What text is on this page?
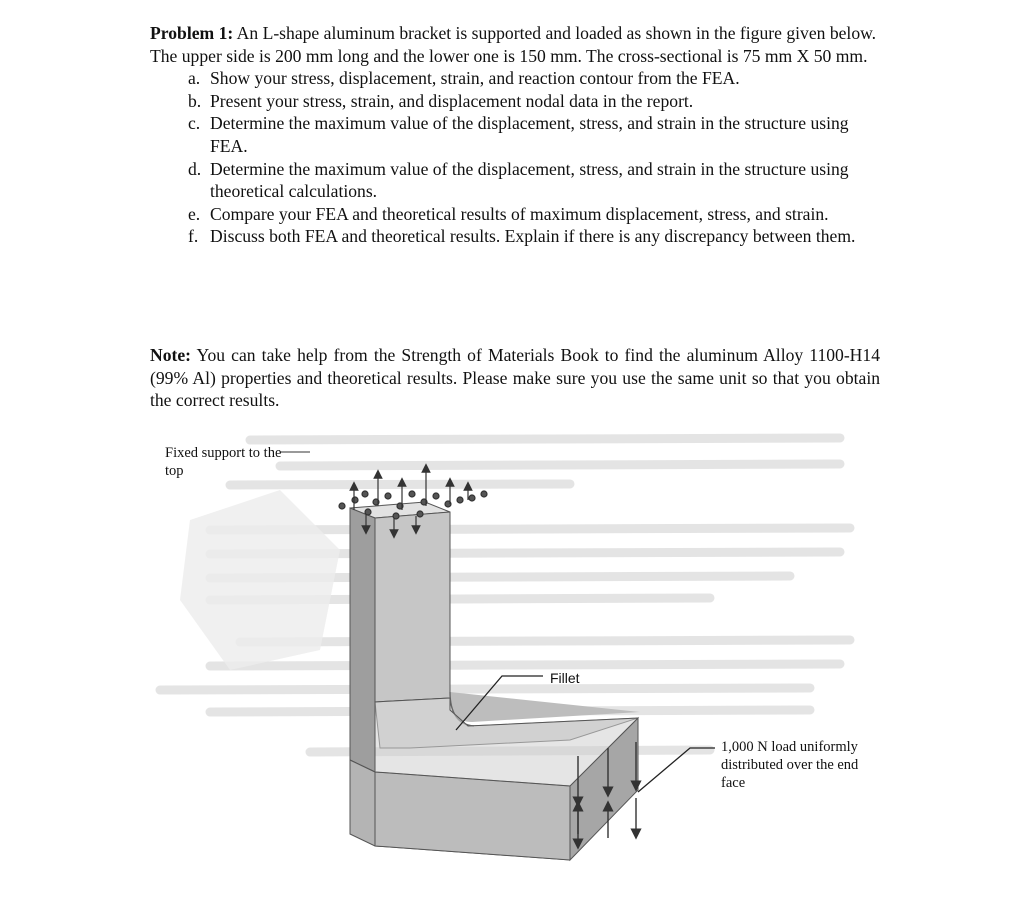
Problem 1: An L-shape aluminum bracket is supported and loaded as shown in the figure given below. The upper side is 200 mm long and the lower one is 150 mm. The cross-sectional is 75 mm X 50 mm.

a. Show your stress, displacement, strain, and reaction contour from the FEA.
b. Present your stress, strain, and displacement nodal data in the report.
c. Determine the maximum value of the displacement, stress, and strain in the structure using FEA.
d. Determine the maximum value of the displacement, stress, and strain in the structure using theoretical calculations.
e. Compare your FEA and theoretical results of maximum displacement, stress, and strain.
f. Discuss both FEA and theoretical results. Explain if there is any discrepancy between them.
Note: You can take help from the Strength of Materials Book to find the aluminum Alloy 1100-H14 (99% Al) properties and theoretical results. Please make sure you use the same unit so that you obtain the correct results.
Fixed support to the top
Fillet
1,000 N load uniformly distributed over the end face
